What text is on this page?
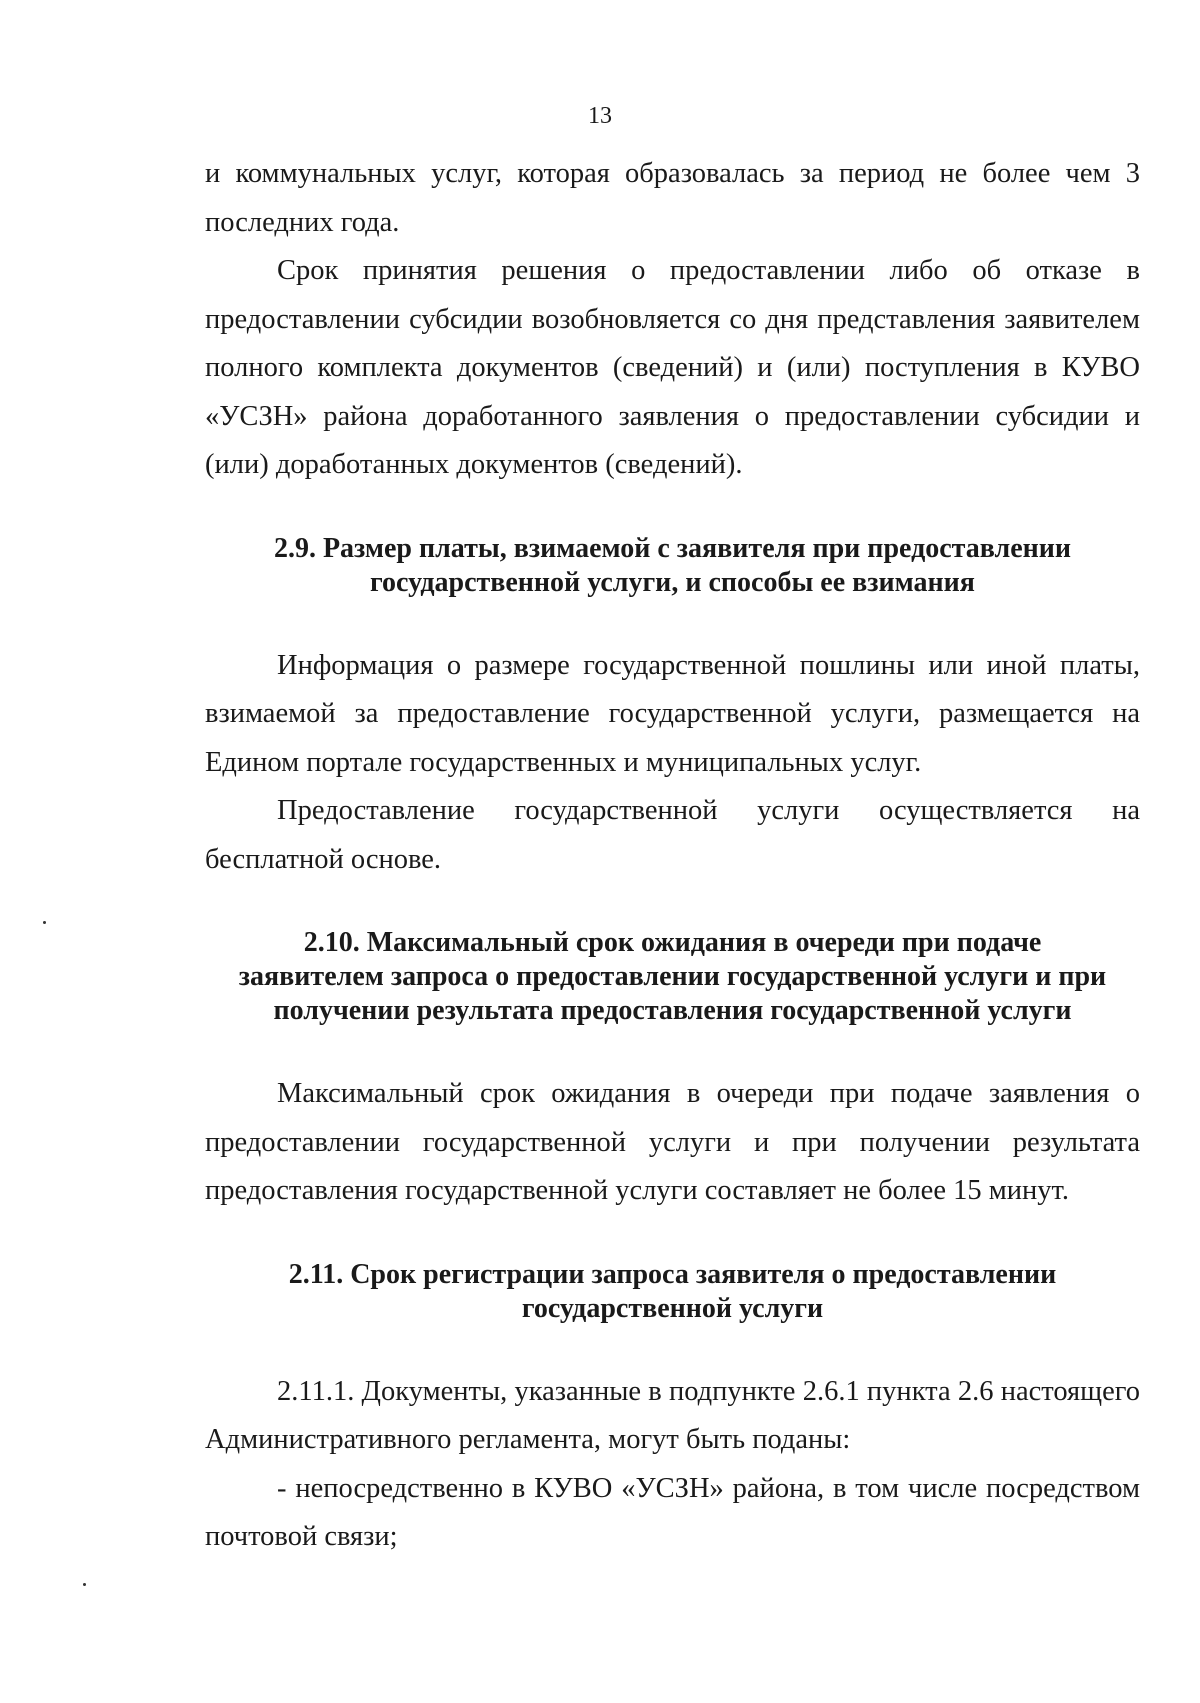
13

и коммунальных услуг, которая образовалась за период не более чем 3 последних года.

Срок принятия решения о предоставлении либо об отказе в предоставлении субсидии возобновляется со дня представления заявителем полного комплекта документов (сведений) и (или) поступления в КУВО «УСЗН» района доработанного заявления о предоставлении субсидии и (или) доработанных документов (сведений).

2.9. Размер платы, взимаемой с заявителя при предоставлении
государственной услуги, и способы ее взимания

Информация о размере государственной пошлины или иной платы, взимаемой за предоставление государственной услуги, размещается на Едином портале государственных и муниципальных услуг.

Предоставление государственной услуги осуществляется на бесплатной основе.

2.10. Максимальный срок ожидания в очереди при подаче
заявителем запроса о предоставлении государственной услуги и при
получении результата предоставления государственной услуги

Максимальный срок ожидания в очереди при подаче заявления о предоставлении государственной услуги и при получении результата предоставления государственной услуги составляет не более 15 минут.

2.11. Срок регистрации запроса заявителя о предоставлении
государственной услуги

2.11.1. Документы, указанные в подпункте 2.6.1 пункта 2.6 настоящего Административного регламента, могут быть поданы:

- непосредственно в КУВО «УСЗН» района, в том числе посредством почтовой связи;
